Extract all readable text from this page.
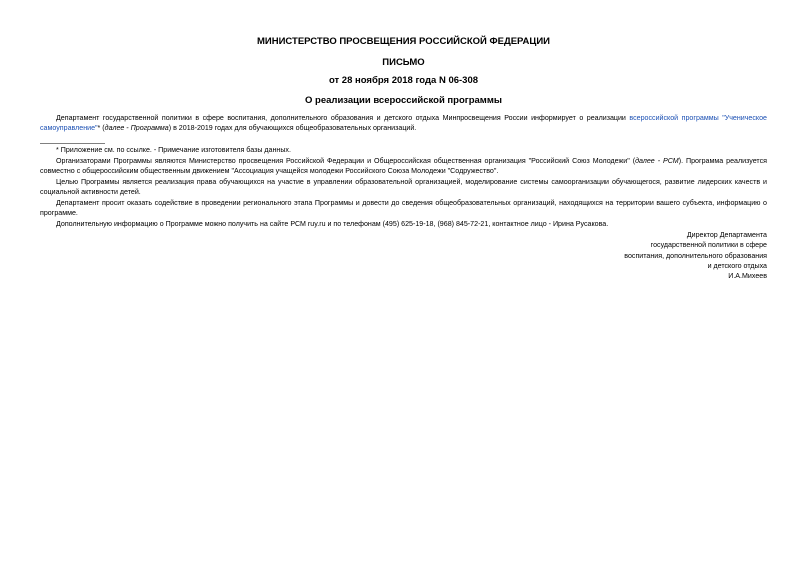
МИНИСТЕРСТВО ПРОСВЕЩЕНИЯ РОССИЙСКОЙ ФЕДЕРАЦИИ
ПИСЬМО
от 28 ноября 2018 года N 06-308
О реализации всероссийской программы

Департамент государственной политики в сфере воспитания, дополнительного образования и детского отдыха Минпросвещения России информирует о реализации всероссийской программы "Ученическое самоуправление"* (далее - Программа) в 2018-2019 годах для обучающихся общеобразовательных организаций.

* Приложение см. по ссылке. - Примечание изготовителя базы данных.

Организаторами Программы являются Министерство просвещения Российской Федерации и Общероссийская общественная организация "Российский Союз Молодежи" (далее - РСМ). Программа реализуется совместно с общероссийским общественным движением "Ассоциация учащейся молодежи Российского Союза Молодежи "Содружество".

Целью Программы является реализация права обучающихся на участие в управлении образовательной организацией, моделирование системы самоорганизации обучающегося, развитие лидерских качеств и социальной активности детей.

Департамент просит оказать содействие в проведении регионального этапа Программы и довести до сведения общеобразовательных организаций, находящихся на территории вашего субъекта, информацию о программе.

Дополнительную информацию о Программе можно получить на сайте РСМ ruy.ru и по телефонам (495) 625-19-18, (968) 845-72-21, контактное лицо - Ирина Русакова.

Директор Департамента
государственной политики в сфере
воспитания, дополнительного образования
и детского отдыха
И.А.Михеев
